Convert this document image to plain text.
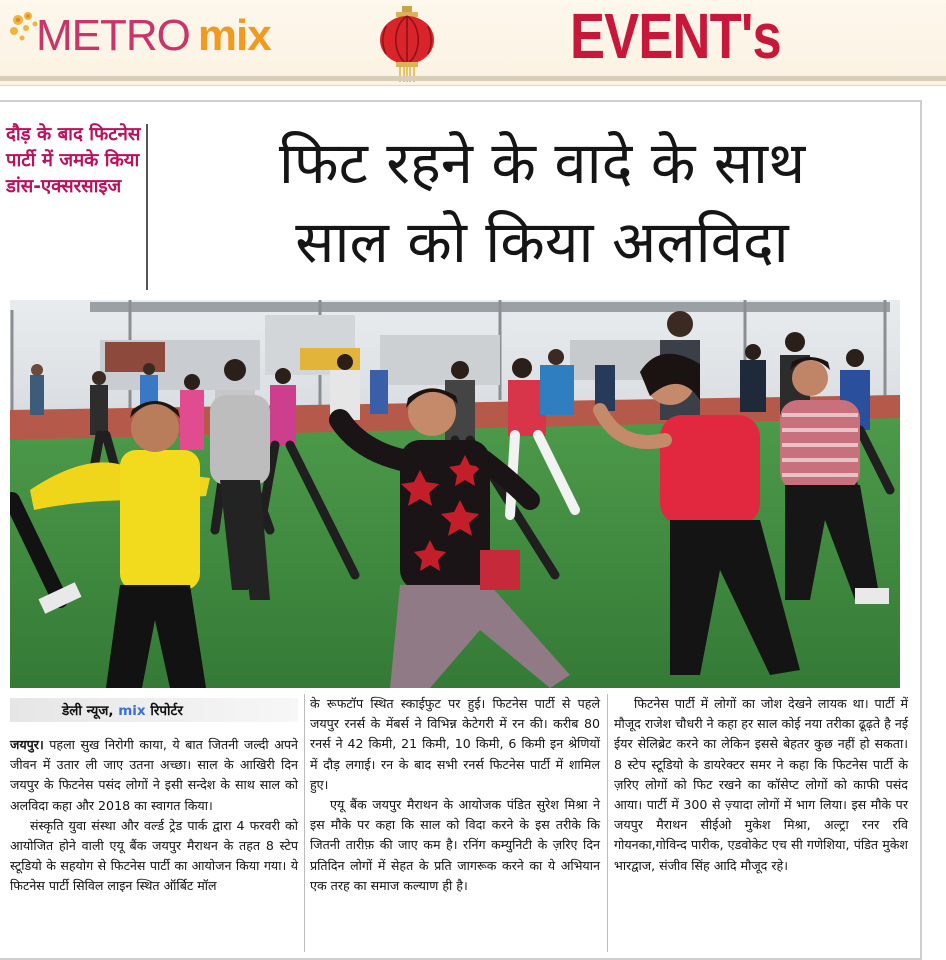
METRO mix	EVENT's
दौड़ के बाद फिटनेस पार्टी में जमके किया डांस-एक्सरसाइज	फिट रहने के वादे के साथ
साल को किया अलविदा
डेली न्यूज, mix रिपोर्टर

जयपुर। पहला सुख निरोगी काया, ये बात जितनी जल्दी अपने जीवन में उतार ली जाए उतना अच्छा। साल के आखिरी दिन जयपुर के फिटनेस पसंद लोगों ने इसी सन्देश के साथ साल को अलविदा कहा और 2018 का स्वागत किया।

संस्कृति युवा संस्था और वर्ल्ड ट्रेड पार्क द्वारा 4 फरवरी को आयोजित होने वाली एयू बैंक जयपुर मैराथन के तहत 8 स्टेप स्टूडियो के सहयोग से फिटनेस पार्टी का आयोजन किया गया। ये फिटनेस पार्टी सिविल लाइन स्थित ऑर्बिट मॉल

के रूफटॉप स्थित स्काईफुट पर हुई। फिटनेस पार्टी से पहले जयपुर रनर्स के मेंबर्स ने विभिन्न केटेगरी में रन की। करीब 80 रनर्स ने 42 किमी, 21 किमी, 10 किमी, 6 किमी इन श्रेणियों में दौड़ लगाई। रन के बाद सभी रनर्स फिटनेस पार्टी में शामिल हुए।

एयू बैंक जयपुर मैराथन के आयोजक पंडित सुरेश मिश्रा ने इस मौके पर कहा कि साल को विदा करने के इस तरीके कि जितनी तारीफ़ की जाए कम है। रनिंग कम्युनिटी के ज़रिए दिन प्रतिदिन लोगों में सेहत के प्रति जागरूक करने का ये अभियान एक तरह का समाज कल्याण ही है।

फिटनेस पार्टी में लोगों का जोश देखने लायक था। पार्टी में मौजूद राजेश चौधरी ने कहा हर साल कोई नया तरीका ढूढ़ते है नई ईयर सेलिब्रेट करने का लेकिन इससे बेहतर कुछ नहीं हो सकता। 8 स्टेप स्टूडियो के डायरेक्टर समर ने कहा कि फिटनेस पार्टी के ज़रिए लोगों को फिट रखने का कॉसेप्ट लोगों को काफी पसंद आया। पार्टी में 300 से ज़्यादा लोगों में भाग लिया। इस मौके पर जयपुर मैराथन सीईओ मुकेश मिश्रा, अल्ट्रा रनर रवि गोयनका,गोविन्द पारीक, एडवोकेट एच सी गणेशिया, पंडित मुकेश भारद्वाज, संजीव सिंह आदि मौजूद रहे।
